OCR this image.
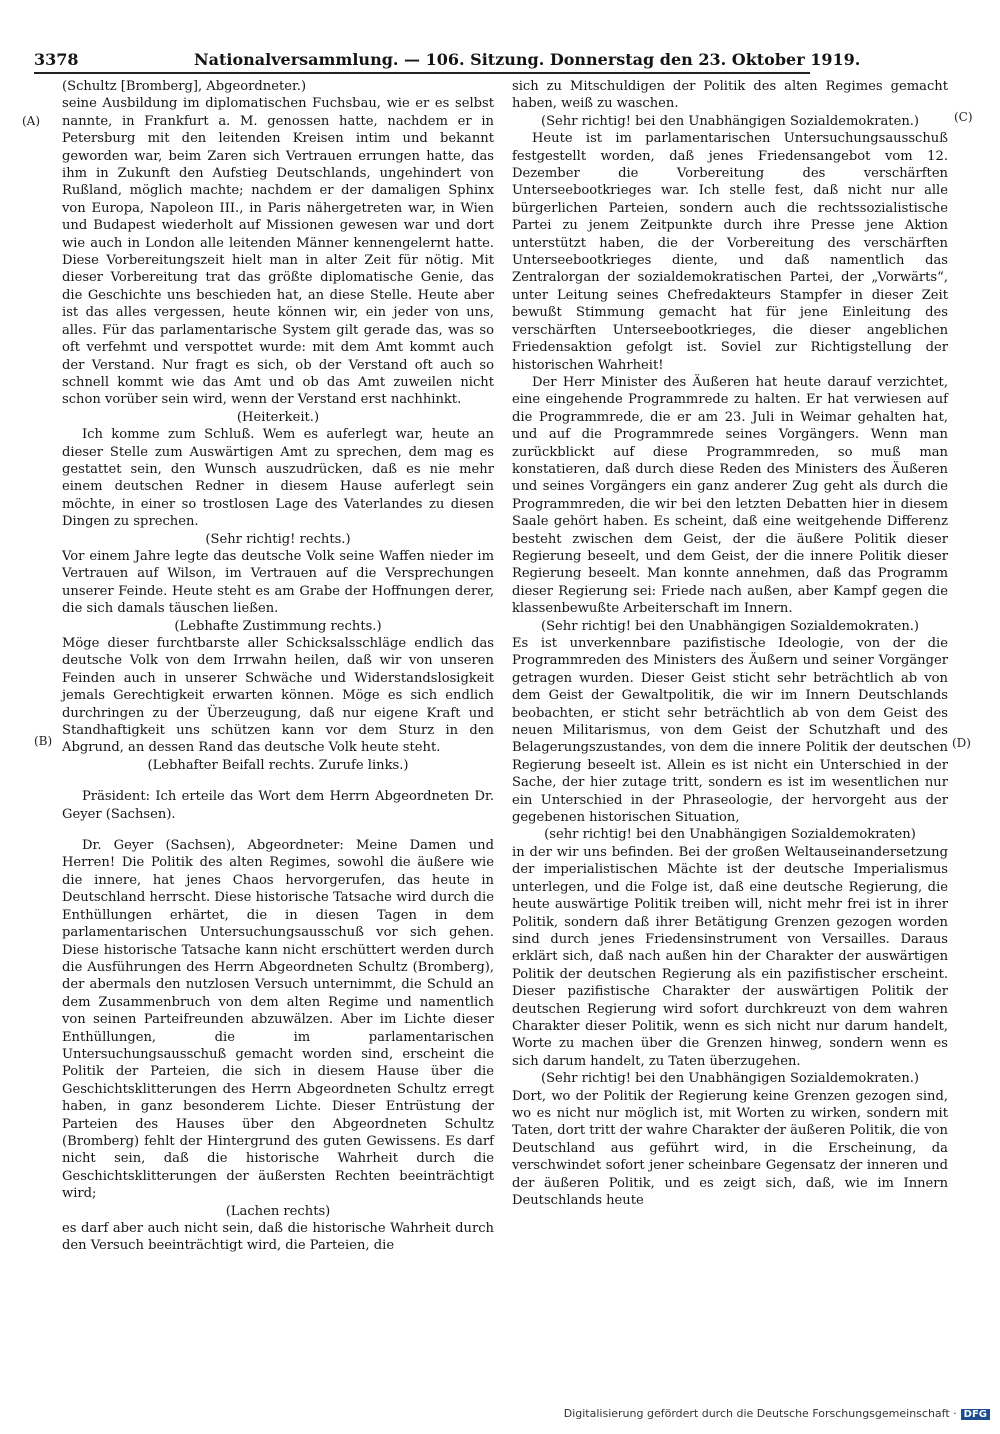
3378	Nationalversammlung. — 106. Sitzung. Donnerstag den 23. Oktober 1919.
(A)
(B)
(C)
(D)

(Schultz [Bromberg], Abgeordneter.)

seine Ausbildung im diplomatischen Fuchsbau, wie er es selbst nannte, in Frankfurt a. M. genossen hatte, nachdem er in Petersburg mit den leitenden Kreisen intim und bekannt geworden war, beim Zaren sich Vertrauen errungen hatte, das ihm in Zukunft den Aufstieg Deutschlands, ungehindert von Rußland, möglich machte; nachdem er der damaligen Sphinx von Europa, Napoleon III., in Paris nähergetreten war, in Wien und Budapest wiederholt auf Missionen gewesen war und dort wie auch in London alle leitenden Männer kennengelernt hatte. Diese Vorbereitungszeit hielt man in alter Zeit für nötig. Mit dieser Vorbereitung trat das größte diplomatische Genie, das die Geschichte uns beschieden hat, an diese Stelle. Heute aber ist das alles vergessen, heute können wir, ein jeder von uns, alles. Für das parlamentarische System gilt gerade das, was so oft verfehmt und verspottet wurde: mit dem Amt kommt auch der Verstand. Nur fragt es sich, ob der Verstand oft auch so schnell kommt wie das Amt und ob das Amt zuweilen nicht schon vorüber sein wird, wenn der Verstand erst nachhinkt.

(Heiterkeit.)

Ich komme zum Schluß. Wem es auferlegt war, heute an dieser Stelle zum Auswärtigen Amt zu sprechen, dem mag es gestattet sein, den Wunsch auszudrücken, daß es nie mehr einem deutschen Redner in diesem Hause auferlegt sein möchte, in einer so trostlosen Lage des Vaterlandes zu diesen Dingen zu sprechen.

(Sehr richtig! rechts.)

Vor einem Jahre legte das deutsche Volk seine Waffen nieder im Vertrauen auf Wilson, im Vertrauen auf die Versprechungen unserer Feinde. Heute steht es am Grabe der Hoffnungen derer, die sich damals täuschen ließen.

(Lebhafte Zustimmung rechts.)

Möge dieser furchtbarste aller Schicksalsschläge endlich das deutsche Volk von dem Irrwahn heilen, daß wir von unseren Feinden auch in unserer Schwäche und Widerstandslosigkeit jemals Gerechtigkeit erwarten können. Möge es sich endlich durchringen zu der Überzeugung, daß nur eigene Kraft und Standhaftigkeit uns schützen kann vor dem Sturz in den Abgrund, an dessen Rand das deutsche Volk heute steht.

(Lebhafter Beifall rechts. Zurufe links.)

Präsident: Ich erteile das Wort dem Herrn Abgeordneten Dr. Geyer (Sachsen).

Dr. Geyer (Sachsen), Abgeordneter: Meine Damen und Herren! Die Politik des alten Regimes, sowohl die äußere wie die innere, hat jenes Chaos hervorgerufen, das heute in Deutschland herrscht. Diese historische Tatsache wird durch die Enthüllungen erhärtet, die in diesen Tagen in dem parlamentarischen Untersuchungsausschuß vor sich gehen. Diese historische Tatsache kann nicht erschüttert werden durch die Ausführungen des Herrn Abgeordneten Schultz (Bromberg), der abermals den nutzlosen Versuch unternimmt, die Schuld an dem Zusammenbruch von dem alten Regime und namentlich von seinen Parteifreunden abzuwälzen. Aber im Lichte dieser Enthüllungen, die im parlamentarischen Untersuchungsausschuß gemacht worden sind, erscheint die Politik der Parteien, die sich in diesem Hause über die Geschichtsklitterungen des Herrn Abgeordneten Schultz erregt haben, in ganz besonderem Lichte. Dieser Entrüstung der Parteien des Hauses über den Abgeordneten Schultz (Bromberg) fehlt der Hintergrund des guten Gewissens. Es darf nicht sein, daß die historische Wahrheit durch die Geschichtsklitterungen der äußersten Rechten beeinträchtigt wird;

(Lachen rechts)

es darf aber auch nicht sein, daß die historische Wahrheit durch den Versuch beeinträchtigt wird, die Parteien, die

sich zu Mitschuldigen der Politik des alten Regimes gemacht haben, weiß zu waschen.

(Sehr richtig! bei den Unabhängigen Sozialdemokraten.)

Heute ist im parlamentarischen Untersuchungsausschuß festgestellt worden, daß jenes Friedensangebot vom 12. Dezember die Vorbereitung des verschärften Unterseebootkrieges war. Ich stelle fest, daß nicht nur alle bürgerlichen Parteien, sondern auch die rechtssozialistische Partei zu jenem Zeitpunkte durch ihre Presse jene Aktion unterstützt haben, die der Vorbereitung des verschärften Unterseebootkrieges diente, und daß namentlich das Zentralorgan der sozialdemokratischen Partei, der „Vorwärts“, unter Leitung seines Chefredakteurs Stampfer in dieser Zeit bewußt Stimmung gemacht hat für jene Einleitung des verschärften Unterseebootkrieges, die dieser angeblichen Friedensaktion gefolgt ist. Soviel zur Richtigstellung der historischen Wahrheit!

Der Herr Minister des Äußeren hat heute darauf verzichtet, eine eingehende Programmrede zu halten. Er hat verwiesen auf die Programmrede, die er am 23. Juli in Weimar gehalten hat, und auf die Programmrede seines Vorgängers. Wenn man zurückblickt auf diese Programmreden, so muß man konstatieren, daß durch diese Reden des Ministers des Äußeren und seines Vorgängers ein ganz anderer Zug geht als durch die Programmreden, die wir bei den letzten Debatten hier in diesem Saale gehört haben. Es scheint, daß eine weitgehende Differenz besteht zwischen dem Geist, der die äußere Politik dieser Regierung beseelt, und dem Geist, der die innere Politik dieser Regierung beseelt. Man konnte annehmen, daß das Programm dieser Regierung sei: Friede nach außen, aber Kampf gegen die klassenbewußte Arbeiterschaft im Innern.

(Sehr richtig! bei den Unabhängigen Sozialdemokraten.)

Es ist unverkennbare pazifistische Ideologie, von der die Programmreden des Ministers des Äußern und seiner Vorgänger getragen wurden. Dieser Geist sticht sehr beträchtlich ab von dem Geist der Gewaltpolitik, die wir im Innern Deutschlands beobachten, er sticht sehr beträchtlich ab von dem Geist des neuen Militarismus, von dem Geist der Schutzhaft und des Belagerungszustandes, von dem die innere Politik der deutschen Regierung beseelt ist. Allein es ist nicht ein Unterschied in der Sache, der hier zutage tritt, sondern es ist im wesentlichen nur ein Unterschied in der Phraseologie, der hervorgeht aus der gegebenen historischen Situation,

(sehr richtig! bei den Unabhängigen Sozialdemokraten)

in der wir uns befinden. Bei der großen Weltauseinandersetzung der imperialistischen Mächte ist der deutsche Imperialismus unterlegen, und die Folge ist, daß eine deutsche Regierung, die heute auswärtige Politik treiben will, nicht mehr frei ist in ihrer Politik, sondern daß ihrer Betätigung Grenzen gezogen worden sind durch jenes Friedensinstrument von Versailles. Daraus erklärt sich, daß nach außen hin der Charakter der auswärtigen Politik der deutschen Regierung als ein pazifistischer erscheint. Dieser pazifistische Charakter der auswärtigen Politik der deutschen Regierung wird sofort durchkreuzt von dem wahren Charakter dieser Politik, wenn es sich nicht nur darum handelt, Worte zu machen über die Grenzen hinweg, sondern wenn es sich darum handelt, zu Taten überzugehen.

(Sehr richtig! bei den Unabhängigen Sozialdemokraten.)

Dort, wo der Politik der Regierung keine Grenzen gezogen sind, wo es nicht nur möglich ist, mit Worten zu wirken, sondern mit Taten, dort tritt der wahre Charakter der äußeren Politik, die von Deutschland aus geführt wird, in die Erscheinung, da verschwindet sofort jener scheinbare Gegensatz der inneren und der äußeren Politik, und es zeigt sich, daß, wie im Innern Deutschlands heute

Digitalisierung gefördert durch die Deutsche Forschungsgemeinschaft · DFG
